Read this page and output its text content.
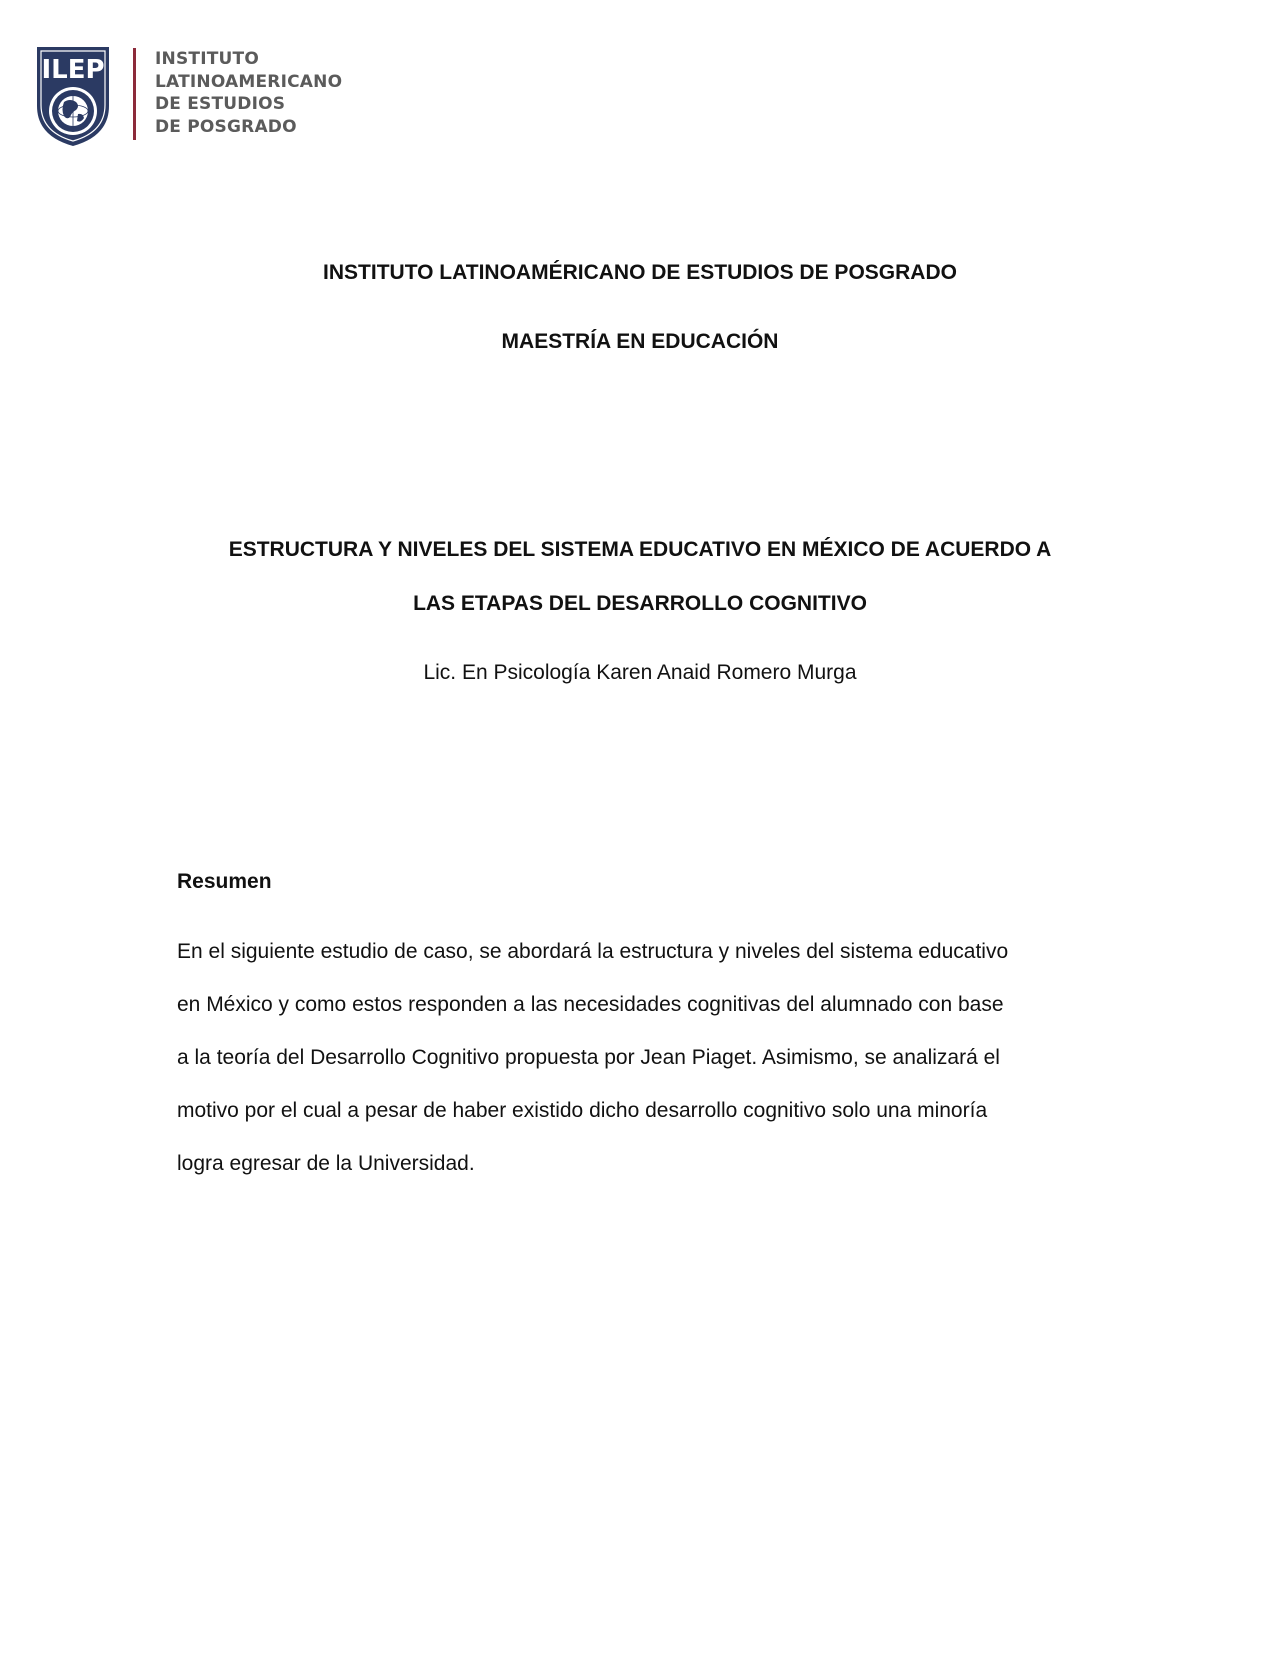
ILEP	INSTITUTO
LATINOAMERICANO
DE ESTUDIOS
DE POSGRADO
INSTITUTO LATINOAMÉRICANO DE ESTUDIOS DE POSGRADO
MAESTRÍA EN EDUCACIÓN
ESTRUCTURA Y NIVELES DEL SISTEMA EDUCATIVO EN MÉXICO DE ACUERDO A
LAS ETAPAS DEL DESARROLLO COGNITIVO
Lic. En Psicología Karen Anaid Romero Murga
Resumen
En el siguiente estudio de caso, se abordará la estructura y niveles del sistema educativo
en México y como estos responden a las necesidades cognitivas del alumnado con base
a la teoría del Desarrollo Cognitivo propuesta por Jean Piaget. Asimismo, se analizará el
motivo por el cual a pesar de haber existido dicho desarrollo cognitivo solo una minoría
logra egresar de la Universidad.
